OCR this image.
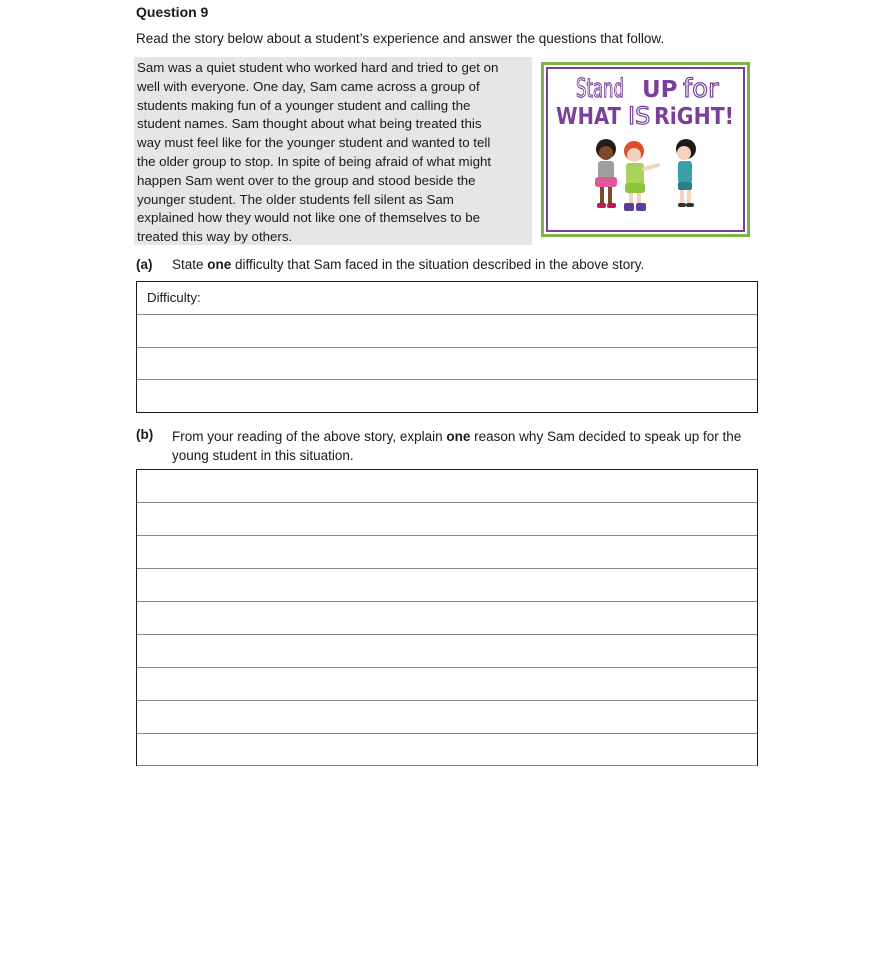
Question 9
Read the story below about a student’s experience and answer the questions that follow.
Sam was a quiet student who worked hard and tried to get on
well with everyone. One day, Sam came across a group of
students making fun of a younger student and calling the
student names. Sam thought about what being treated this
way must feel like for the younger student and wanted to tell
the older group to stop. In spite of being afraid of what might
happen Sam went over to the group and stood beside the
younger student. The older students fell silent as Sam
explained how they would not like one of themselves to be
treated this way by others.
Stand UP for
WHAT IS RiGHT!
(a) State one difficulty that Sam faced in the situation described in the above story.
Difficulty:
(b) From your reading of the above story, explain one reason why Sam decided to speak up for the young student in this situation.
